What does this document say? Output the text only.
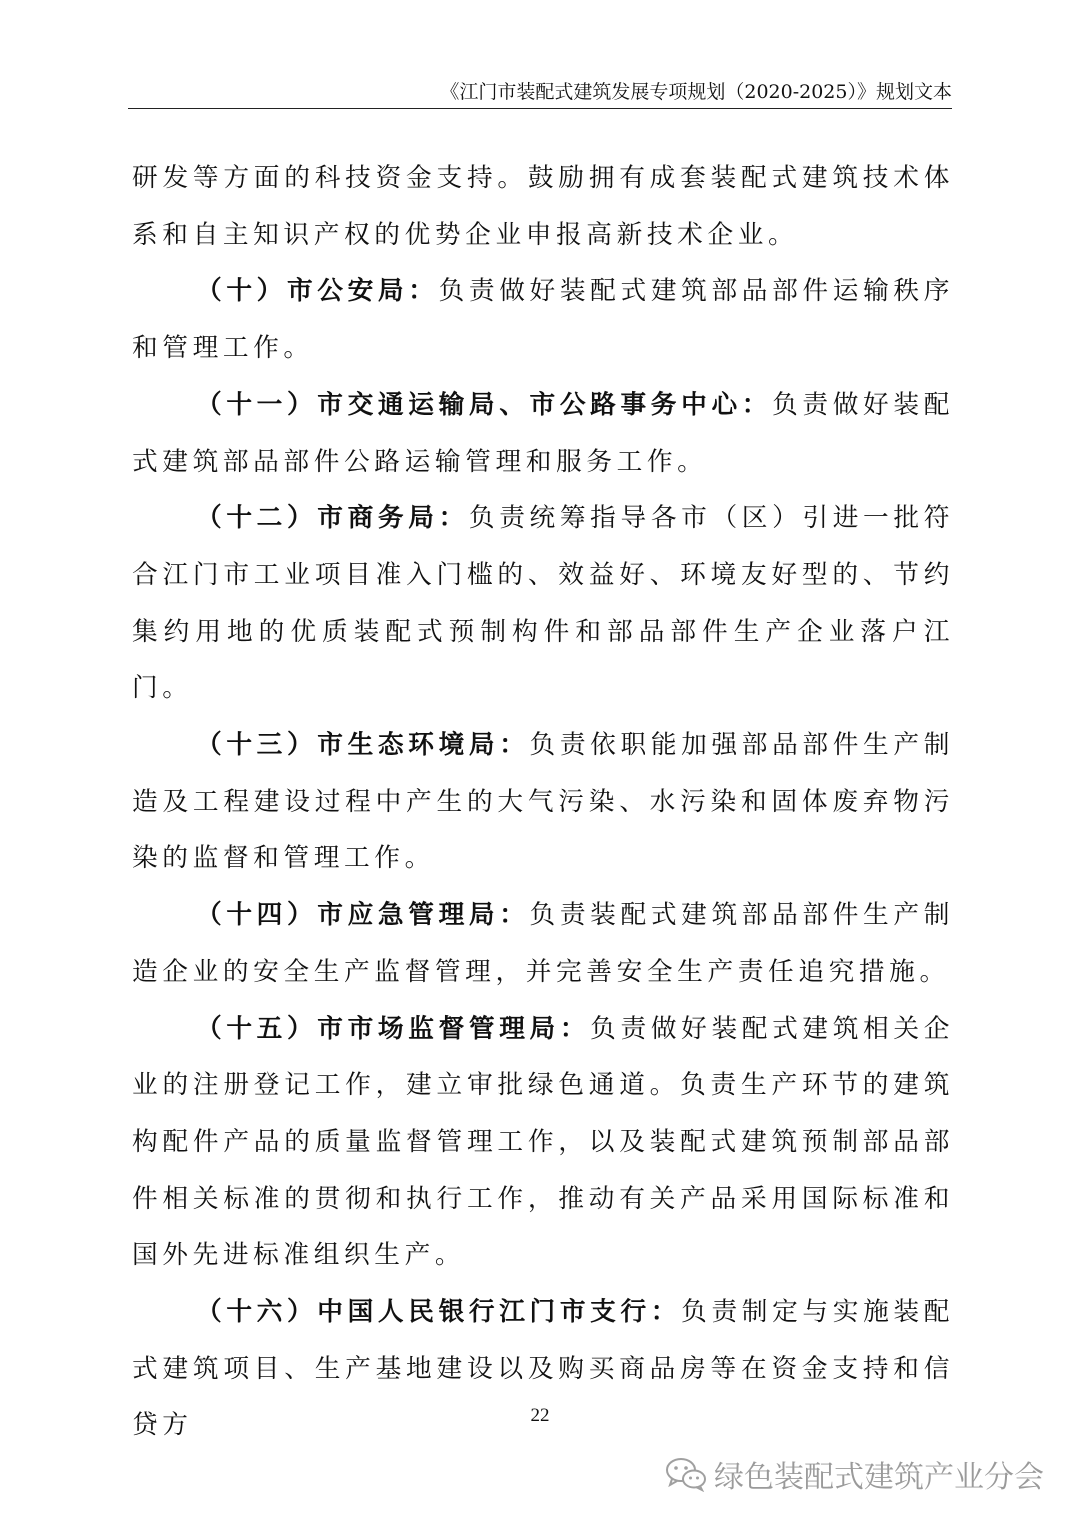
《江门市装配式建筑发展专项规划（2020-2025）》规划文本

研发等方面的科技资金支持。鼓励拥有成套装配式建筑技术体系和自主知识产权的优势企业申报高新技术企业。

（十）市公安局：负责做好装配式建筑部品部件运输秩序和管理工作。

（十一）市交通运输局、市公路事务中心：负责做好装配式建筑部品部件公路运输管理和服务工作。

（十二）市商务局：负责统筹指导各市（区）引进一批符合江门市工业项目准入门槛的、效益好、环境友好型的、节约集约用地的优质装配式预制构件和部品部件生产企业落户江门。

（十三）市生态环境局：负责依职能加强部品部件生产制造及工程建设过程中产生的大气污染、水污染和固体废弃物污染的监督和管理工作。

（十四）市应急管理局：负责装配式建筑部品部件生产制造企业的安全生产监督管理，并完善安全生产责任追究措施。

（十五）市市场监督管理局：负责做好装配式建筑相关企业的注册登记工作，建立审批绿色通道。负责生产环节的建筑构配件产品的质量监督管理工作，以及装配式建筑预制部品部件相关标准的贯彻和执行工作，推动有关产品采用国际标准和国外先进标准组织生产。

（十六）中国人民银行江门市支行：负责制定与实施装配式建筑项目、生产基地建设以及购买商品房等在资金支持和信贷方	22
绿色装配式建筑产业分会
